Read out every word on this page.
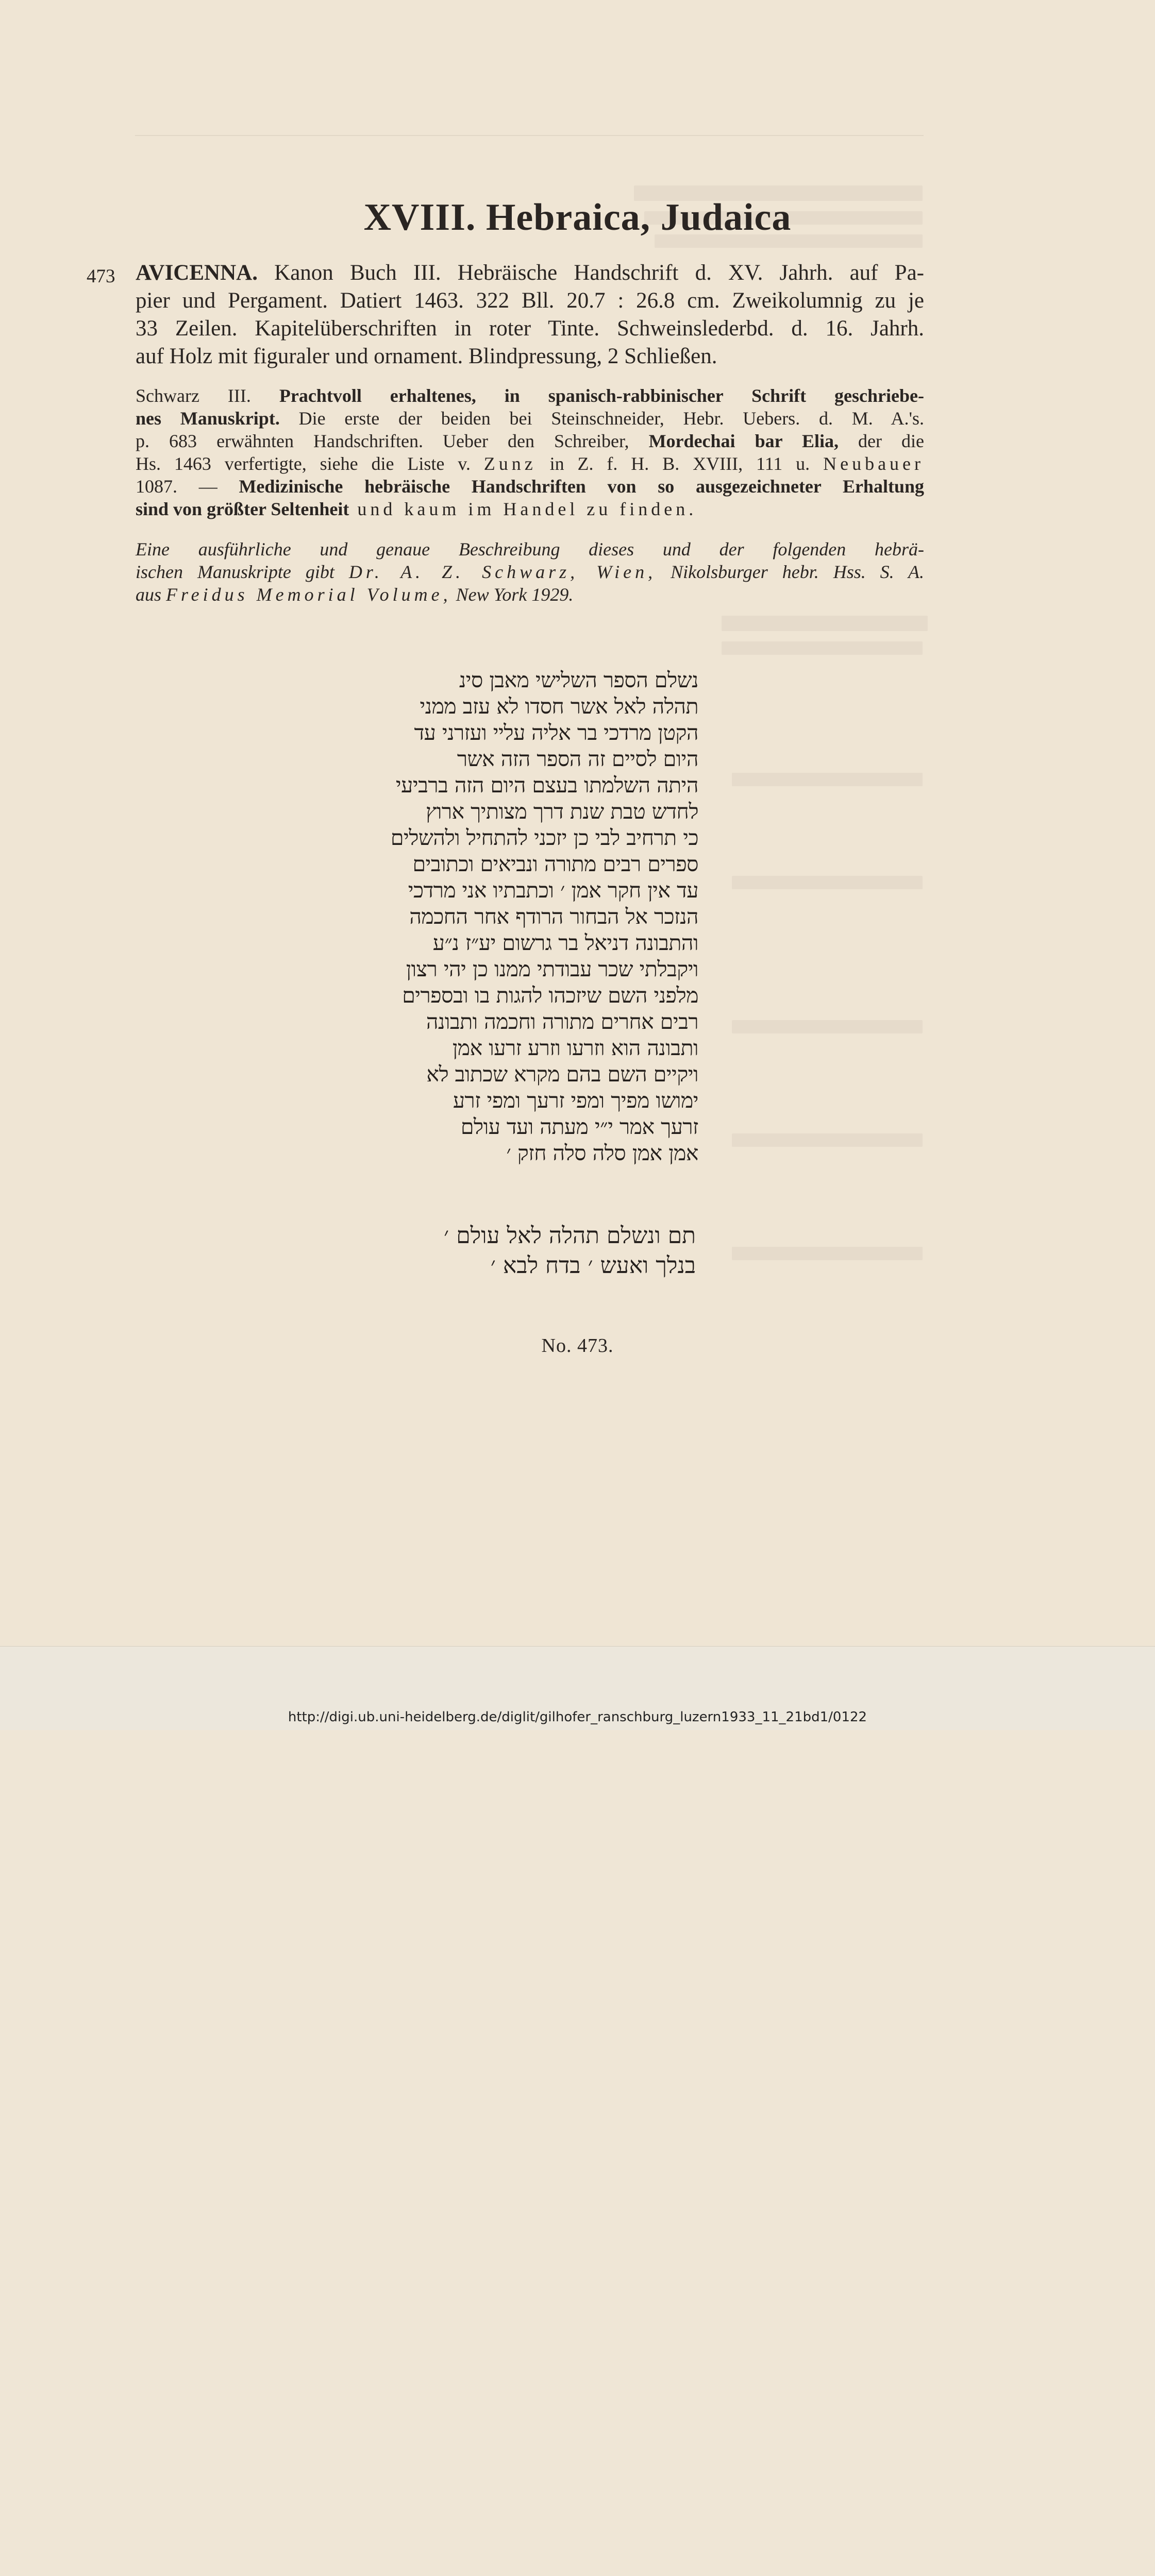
XVIII. Hebraica, Judaica
473 AVICENNA. Kanon Buch III. Hebräische Handschrift d. XV. Jahrh. auf Pa-
pier und Pergament. Datiert 1463. 322 Bll. 20.7 : 26.8 cm. Zweikolumnig zu je
33 Zeilen. Kapitelüberschriften in roter Tinte. Schweinslederbd. d. 16. Jahrh.
auf Holz mit figuraler und ornament. Blindpressung, 2 Schließen.
Schwarz III. Prachtvoll erhaltenes, in spanisch-rabbinischer Schrift geschriebe-
nes Manuskript. Die erste der beiden bei Steinschneider, Hebr. Uebers. d. M. A.'s.
p. 683 erwähnten Handschriften. Ueber den Schreiber, Mordechai bar Elia, der die
Hs. 1463 verfertigte, siehe die Liste v. Zunz in Z. f. H. B. XVIII, 111 u. Neubauer
1087. — Medizinische hebräische Handschriften von so ausgezeichneter Erhaltung
sind von größter Seltenheit und kaum im Handel zu finden.
Eine ausführliche und genaue Beschreibung dieses und der folgenden hebrä-
ischen Manuskripte gibt Dr. A. Z. Schwarz, Wien, Nikolsburger hebr. Hss. S. A.
aus Freidus Memorial Volume, New York 1929.
נשלם הספר השלישי מאבן סינ
תהלה לאל אשר חסדו לא עזב ממני
הקטן מרדכי בר אליה עליי ועזרני עד
היום לסיים זה הספר הזה אשר
היתה השלמתו בעצם היום הזה ברביעי
לחדש טבת שנת דרך מצותיך ארוץ
כי תרחיב לבי כן יזכני להתחיל ולהשלים
ספרים רבים מתורה ונביאים וכתובים
עד אין חקר אמן ׳ וכתבתיו אני מרדכי
הנזכר אל הבחור הרודף אחר החכמה
והתבונה דניאל בר גרשום יע״ז נ״ע
ויקבלתי שכר עבודתי ממנו כן יהי רצון
מלפני השם שיזכהו להגות בו ובספרים
רבים אחרים מתורה וחכמה ותבונה
ותבונה הוא וזרעו וזרע זרעו אמן
ויקיים השם בהם מקרא שכתוב לא
ימושו מפיך ומפי זרעך ומפי זרע
זרעך אמר י״י מעתה ועד עולם
אמן אמן סלה סלה חזק ׳
תם ונשלם תהלה לאל עולם ׳
בנלך ואעש ׳ בדח לבא ׳
No. 473.
http://digi.ub.uni-heidelberg.de/diglit/gilhofer_ranschburg_luzern1933_11_21bd1/0122
